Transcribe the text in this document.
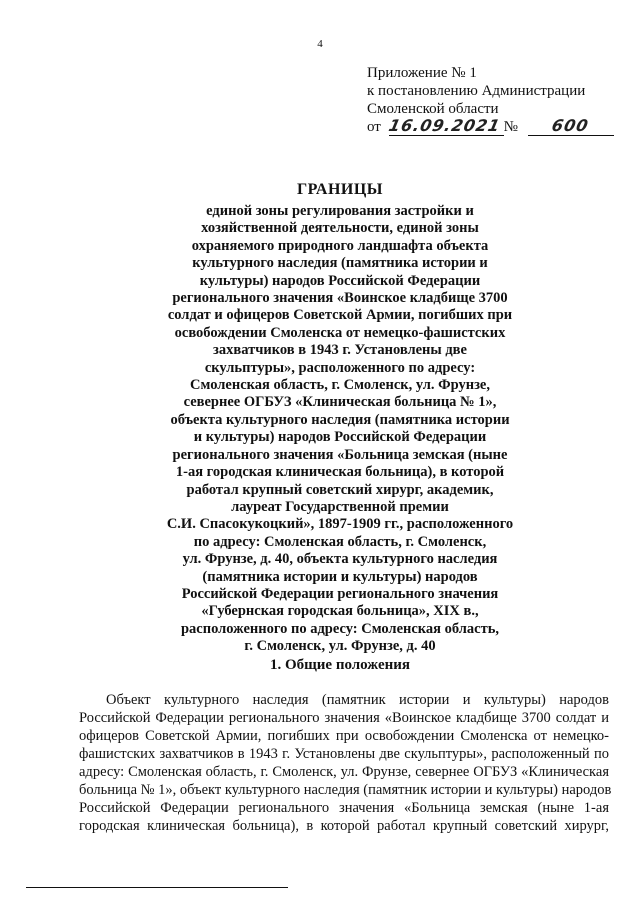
4
Приложение № 1
к постановлению Администрации
Смоленской области
от 16.09.2021 № 600
ГРАНИЦЫ
единой зоны регулирования застройки и
хозяйственной деятельности, единой зоны
охраняемого природного ландшафта объекта
культурного наследия (памятника истории и
культуры) народов Российской Федерации
регионального значения «Воинское кладбище 3700
солдат и офицеров Советской Армии, погибших при
освобождении Смоленска от немецко-фашистских
захватчиков в 1943 г. Установлены две
скульптуры», расположенного по адресу:
Смоленская область, г. Смоленск, ул. Фрунзе,
севернее ОГБУЗ «Клиническая больница № 1»,
объекта культурного наследия (памятника истории
и культуры) народов Российской Федерации
регионального значения «Больница земская (ныне
1-ая городская клиническая больница), в которой
работал крупный советский хирург, академик,
лауреат Государственной премии
С.И. Спасокукоцкий», 1897-1909 гг., расположенного
по адресу: Смоленская область, г. Смоленск,
ул. Фрунзе, д. 40, объекта культурного наследия
(памятника истории и культуры) народов
Российской Федерации регионального значения
«Губернская городская больница», XIX в.,
расположенного по адресу: Смоленская область,
г. Смоленск, ул. Фрунзе, д. 40
1. Общие положения
Объект культурного наследия (памятник истории и культуры) народов
Российской Федерации регионального значения «Воинское кладбище 3700 солдат и
офицеров Советской Армии, погибших при освобождении Смоленска от немецко-
фашистских захватчиков в 1943 г. Установлены две скульптуры», расположенный по
адресу: Смоленская область, г. Смоленск, ул. Фрунзе, севернее ОГБУЗ «Клиническая
больница № 1», объект культурного наследия (памятник истории и культуры) народов
Российской Федерации регионального значения «Больница земская (ныне 1-ая
городская клиническая больница), в которой работал крупный советский хирург,
